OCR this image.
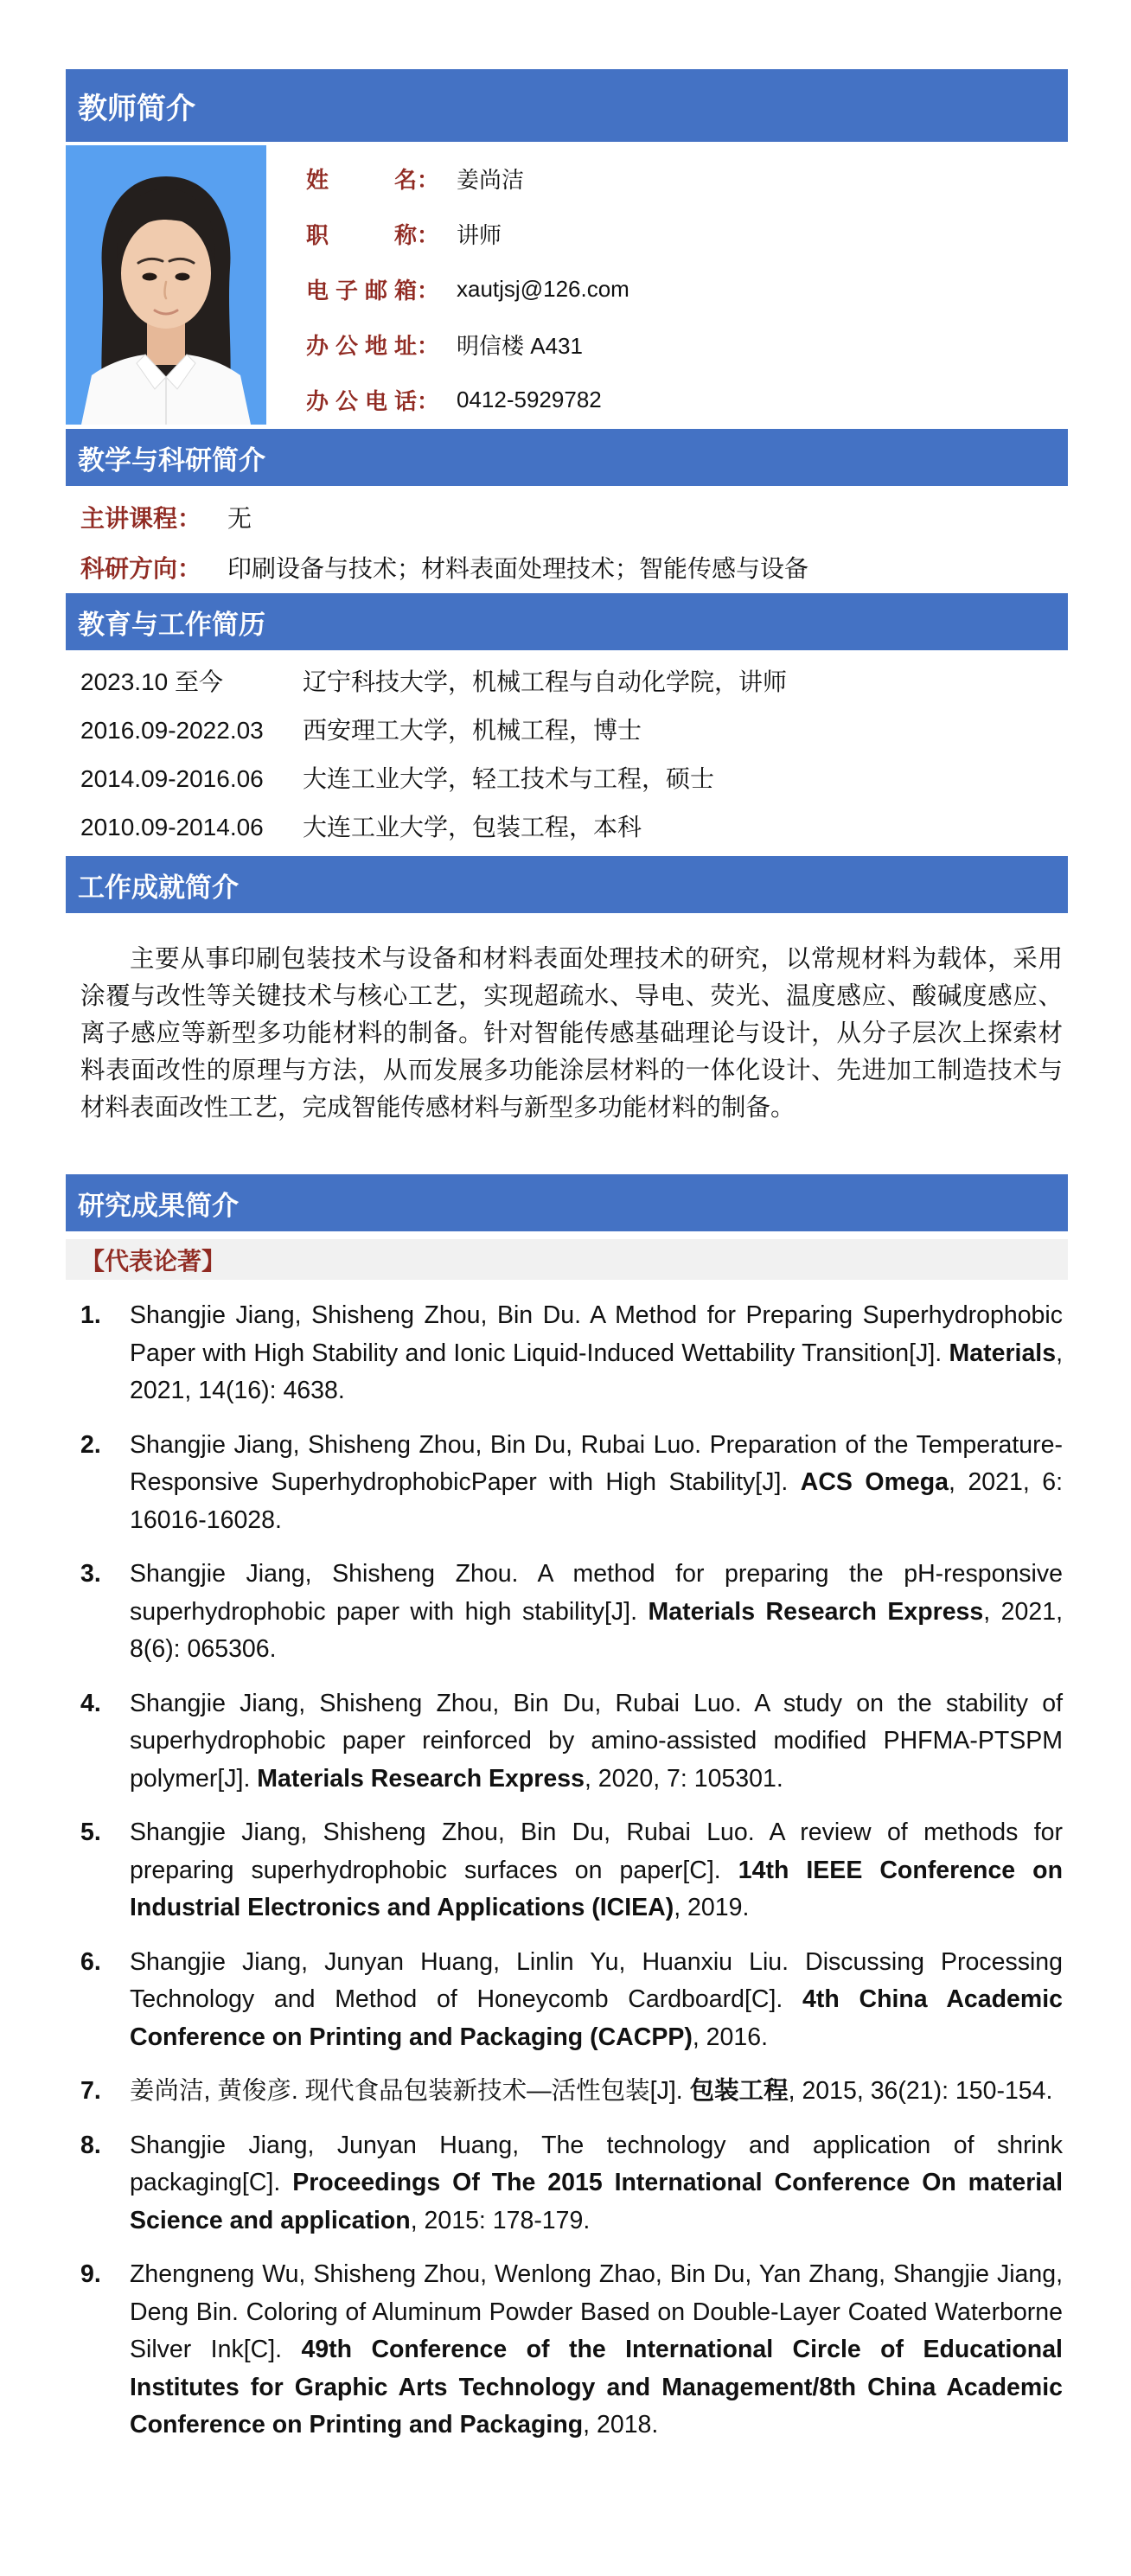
教师简介
姓名 ： 姜尚洁
职称 ： 讲师
电子邮箱 ： xautjsj@126.com
办公地址 ： 明信楼 A431
办公电话 ： 0412-5929782
教学与科研简介
主讲课程：	无
科研方向：	印刷设备与技术；材料表面处理技术；智能传感与设备
教育与工作简历
2023.10 至今	辽宁科技大学，机械工程与自动化学院，讲师
2016.09-2022.03	西安理工大学，机械工程，博士
2014.09-2016.06	大连工业大学，轻工技术与工程，硕士
2010.09-2014.06	大连工业大学，包装工程，本科
工作成就简介

主要从事印刷包装技术与设备和材料表面处理技术的研究，以常规材料为载体，采用涂覆与改性等关键技术与核心工艺，实现超疏水、导电、荧光、温度感应、酸碱度感应、离子感应等新型多功能材料的制备。针对智能传感基础理论与设计，从分子层次上探索材料表面改性的原理与方法，从而发展多功能涂层材料的一体化设计、先进加工制造技术与材料表面改性工艺，完成智能传感材料与新型多功能材料的制备。

研究成果简介
【代表论著】
1.	Shangjie Jiang, Shisheng Zhou, Bin Du. A Method for Preparing Superhydrophobic Paper with High Stability and Ionic Liquid-Induced Wettability Transition[J]. Materials, 2021, 14(16): 4638.
2.	Shangjie Jiang, Shisheng Zhou, Bin Du, Rubai Luo. Preparation of the Temperature-Responsive SuperhydrophobicPaper with High Stability[J]. ACS Omega, 2021, 6: 16016-16028.
3.	Shangjie Jiang, Shisheng Zhou. A method for preparing the pH-responsive superhydrophobic paper with high stability[J]. Materials Research Express, 2021, 8(6): 065306.
4.	Shangjie Jiang, Shisheng Zhou, Bin Du, Rubai Luo. A study on the stability of superhydrophobic paper reinforced by amino-assisted modified PHFMA-PTSPM polymer[J]. Materials Research Express, 2020, 7: 105301.
5.	Shangjie Jiang, Shisheng Zhou, Bin Du, Rubai Luo. A review of methods for preparing superhydrophobic surfaces on paper[C]. 14th IEEE Conference on Industrial Electronics and Applications (ICIEA), 2019.
6.	Shangjie Jiang, Junyan Huang, Linlin Yu, Huanxiu Liu. Discussing Processing Technology and Method of Honeycomb Cardboard[C]. 4th China Academic Conference on Printing and Packaging (CACPP), 2016.
7.	姜尚洁, 黄俊彦. 现代食品包装新技术—活性包装[J]. 包装工程, 2015, 36(21): 150-154.
8.	Shangjie Jiang, Junyan Huang, The technology and application of shrink packaging[C]. Proceedings Of The 2015 International Conference On material Science and application, 2015: 178-179.
9.	Zhengneng Wu, Shisheng Zhou, Wenlong Zhao, Bin Du, Yan Zhang, Shangjie Jiang, Deng Bin. Coloring of Aluminum Powder Based on Double-Layer Coated Waterborne Silver Ink[C]. 49th Conference of the International Circle of Educational Institutes for Graphic Arts Technology and Management/8th China Academic Conference on Printing and Packaging, 2018.
